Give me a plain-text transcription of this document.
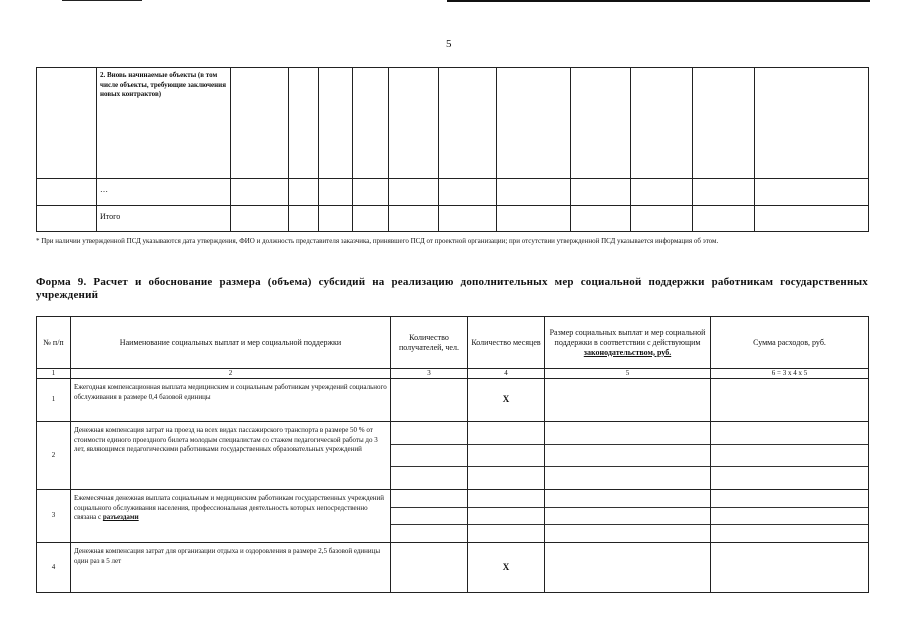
5
	2. Вновь начинаемые объекты (в том числе объекты, требующие заключения новых контрактов)											
	…											
	Итого											
* При наличии утвержденной ПСД указываются дата утверждения, ФИО и должность представителя заказчика, принявшего ПСД от проектной организации; при отсутствии утвержденной ПСД указывается информация об этом.
Форма 9. Расчет и обоснование размера (объема) субсидий на реализацию дополнительных мер социальной поддержки работникам государственных учреждений
№ п/п	Наименование социальных выплат и мер социальной поддержки	Количество получателей, чел.	Количество месяцев	Размер социальных выплат и мер социальной поддержки в соответствии с действующим
законодательством, руб.	Сумма расходов, руб.
1	2	3	4	5	6 = 3 х 4 х 5
1	Ежегодная компенсационная выплата медицинским и социальным работникам учреждений социального обслуживания в размере 0,4 базовой единицы		Х		
2	Денежная компенсация затрат на проезд на всех видах пассажирского транспорта в размере 50 % от стоимости единого проездного билета молодым специалистам со стажем педагогической работы до 3 лет, являющимся педагогическими работниками государственных образовательных учреждений	

3	Ежемесячная денежная выплата социальным и медицинским работникам государственных учреждений социального обслуживания населения, профессиональная деятельность которых непосредственно связана с разъездами	

4	Денежная компенсация затрат для организации отдыха и оздоровления в размере 2,5 базовой единицы один раз в 5 лет		Х		
